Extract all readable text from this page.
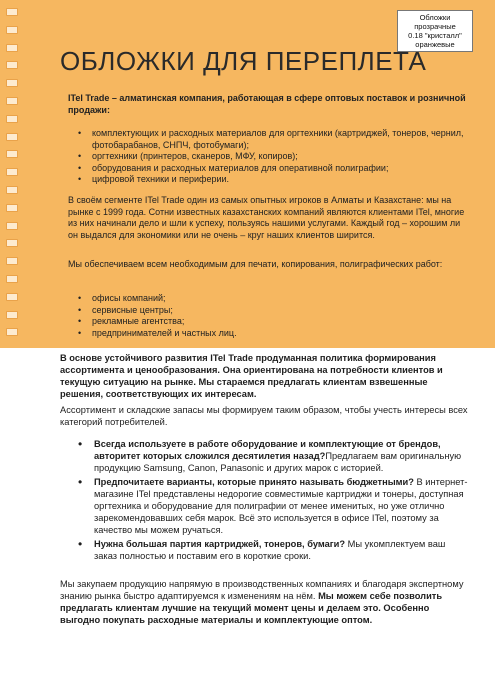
Обложки
прозрачные
0.18 "кристалл"
оранжевые
ОБЛОЖКИ ДЛЯ ПЕРЕПЛЕТА
ITel Trade – алматинская компания, работающая в сфере оптовых поставок и розничной продажи:
• комплектующих и расходных материалов для оргтехники (картриджей, тонеров, чернил, фотобарабанов, СНПЧ, фотобумаги);
• оргтехники (принтеров, сканеров, МФУ, копиров);
• оборудования и расходных материалов для оперативной полиграфии;
• цифровой техники и периферии.
В своём сегменте ITel Trade один из самых опытных игроков в Алматы и Казахстане: мы на рынке с 1999 года. Сотни известных казахстанских компаний являются клиентами ITel, многие из них начинали дело и шли к успеху, пользуясь нашими услугами. Каждый год – хорошим ли он выдался для экономики или не очень – круг наших клиентов ширится.
Мы обеспечиваем всем необходимым для печати, копирования, полиграфических работ:
• офисы компаний;
• сервисные центры;
• рекламные агентства;
• предпринимателей и частных лиц.
В основе устойчивого развития ITel Trade продуманная политика формирования ассортимента и ценообразования. Она ориентирована на потребности клиентов и текущую ситуацию на рынке. Мы стараемся предлагать клиентам взвешенные решения, соответствующих их интересам.
Ассортимент и складские запасы мы формируем таким образом, чтобы учесть интересы всех категорий потребителей.
• Всегда используете в работе оборудование и комплектующие от брендов, авторитет которых сложился десятилетия назад?Предлагаем вам оригинальную продукцию Samsung, Canon, Panasonic и других марок с историей.
• Предпочитаете варианты, которые принято называть бюджетными? В интернет-магазине ITel представлены недорогие совместимые картриджи и тонеры, доступная оргтехника и оборудование для полиграфии от менее именитых, но уже отлично зарекомендовавших себя марок. Всё это используется в офисе ITel, поэтому за качество мы можем ручаться.
• Нужна большая партия картриджей, тонеров, бумаги? Мы укомплектуем ваш заказ полностью и поставим его в короткие сроки.
Мы закупаем продукцию напрямую в производственных компаниях и благодаря экспертному знанию рынка быстро адаптируемся к изменениям на нём. Мы можем себе позволить предлагать клиентам лучшие на текущий момент цены и делаем это. Особенно выгодно покупать расходные материалы и комплектующие оптом.
